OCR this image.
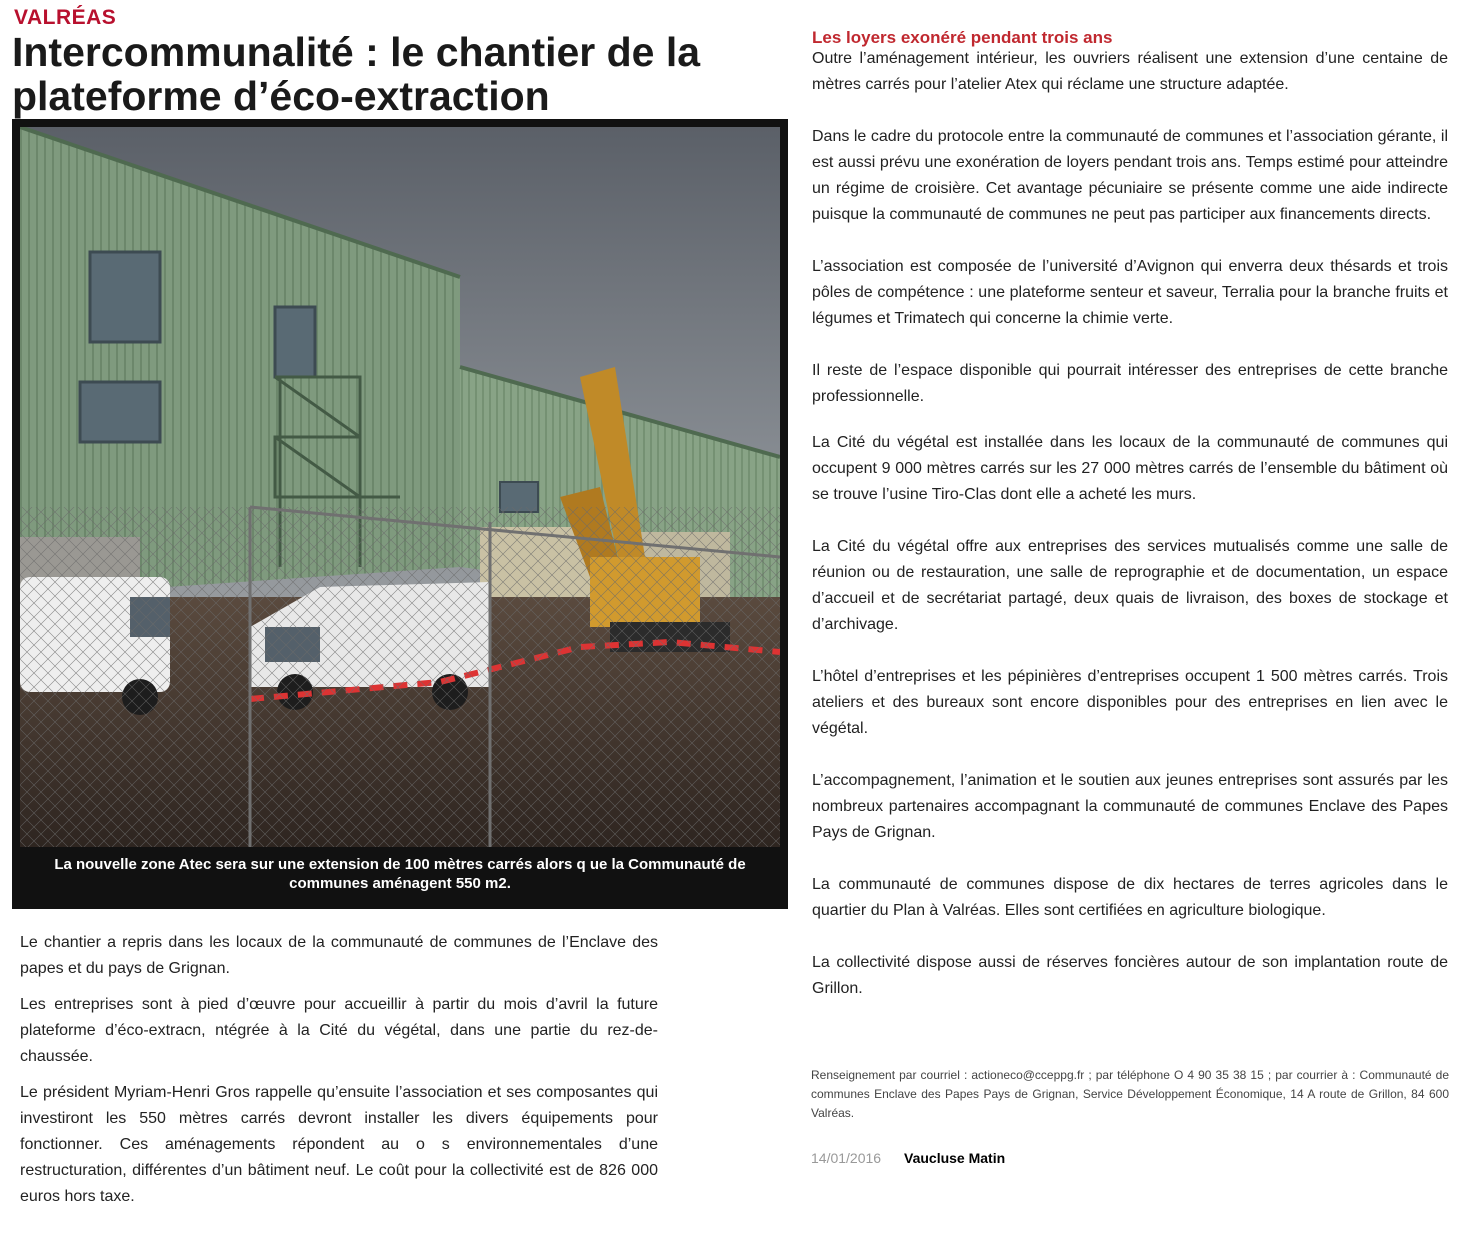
VALRÉAS
Intercommunalité : le chantier de la plateforme d’éco-extraction
La nouvelle zone Atec sera sur une extension de 100 mètres carrés alors q ue la Communauté de communes aménagent 550 m2.

Le chantier a repris dans les locaux de la communauté de communes de l’Enclave des papes et du pays de Grignan.

Les entreprises sont à pied d’œuvre pour accueillir à partir du mois d’avril la future plateforme d’éco-extracn, ntégrée à la Cité du végétal, dans une partie du rez-de-chaussée.

Le président Myriam-Henri Gros rappelle qu’ensuite l’association et ses composantes qui investiront les 550 mètres carrés devront installer les divers équipements pour fonctionner. Ces aménagements répondent au o s environnementales d’une restructuration, différentes d’un bâtiment neuf. Le coût pour la collectivité est de 826 000 euros hors taxe.

Les loyers exonéré pendant trois ans

Outre l’aménagement intérieur, les ouvriers réalisent une extension d’une centaine de mètres carrés pour l’atelier Atex qui réclame une structure adaptée.

Dans le cadre du protocole entre la communauté de communes et l’association gérante, il est aussi prévu une exonération de loyers pendant trois ans. Temps estimé pour atteindre un régime de croisière. Cet avantage pécuniaire se présente comme une aide indirecte puisque la communauté de communes ne peut pas participer aux financements directs.

L’association est composée de l’université d’Avignon qui enverra deux thésards et trois pôles de compétence : une plateforme senteur et saveur, Terralia pour la branche fruits et légumes et Trimatech qui concerne la chimie verte.

Il reste de l’espace disponible qui pourrait intéresser des entreprises de cette branche professionnelle.

La Cité du végétal est installée dans les locaux de la communauté de communes qui occupent 9 000 mètres carrés sur les 27 000 mètres carrés de l’ensemble du bâtiment où se trouve l’usine Tiro-Clas dont elle a acheté les murs.

La Cité du végétal offre aux entreprises des services mutualisés comme une salle de réunion ou de restauration, une salle de reprographie et de documentation, un espace d’accueil et de secrétariat partagé, deux quais de livraison, des boxes de stockage et d’archivage.

L’hôtel d’entreprises et les pépinières d’entreprises occupent 1 500 mètres carrés. Trois ateliers et des bureaux sont encore disponibles pour des entreprises en lien avec le végétal.

L’accompagnement, l’animation et le soutien aux jeunes entreprises sont assurés par les nombreux partenaires accompagnant la communauté de communes Enclave des Papes Pays de Grignan.

La communauté de communes dispose de dix hectares de terres agricoles dans le quartier du Plan à Valréas. Elles sont certifiées en agriculture biologique.

La collectivité dispose aussi de réserves foncières autour de son implantation route de Grillon.

Renseignement par courriel : actioneco@cceppg.fr ; par téléphone O 4 90 35 38 15 ; par courrier à : Communauté de communes Enclave des Papes Pays de Grignan, Service Développement Économique, 14 A route de Grillon, 84 600 Valréas.
14/01/2016 Vaucluse Matin
